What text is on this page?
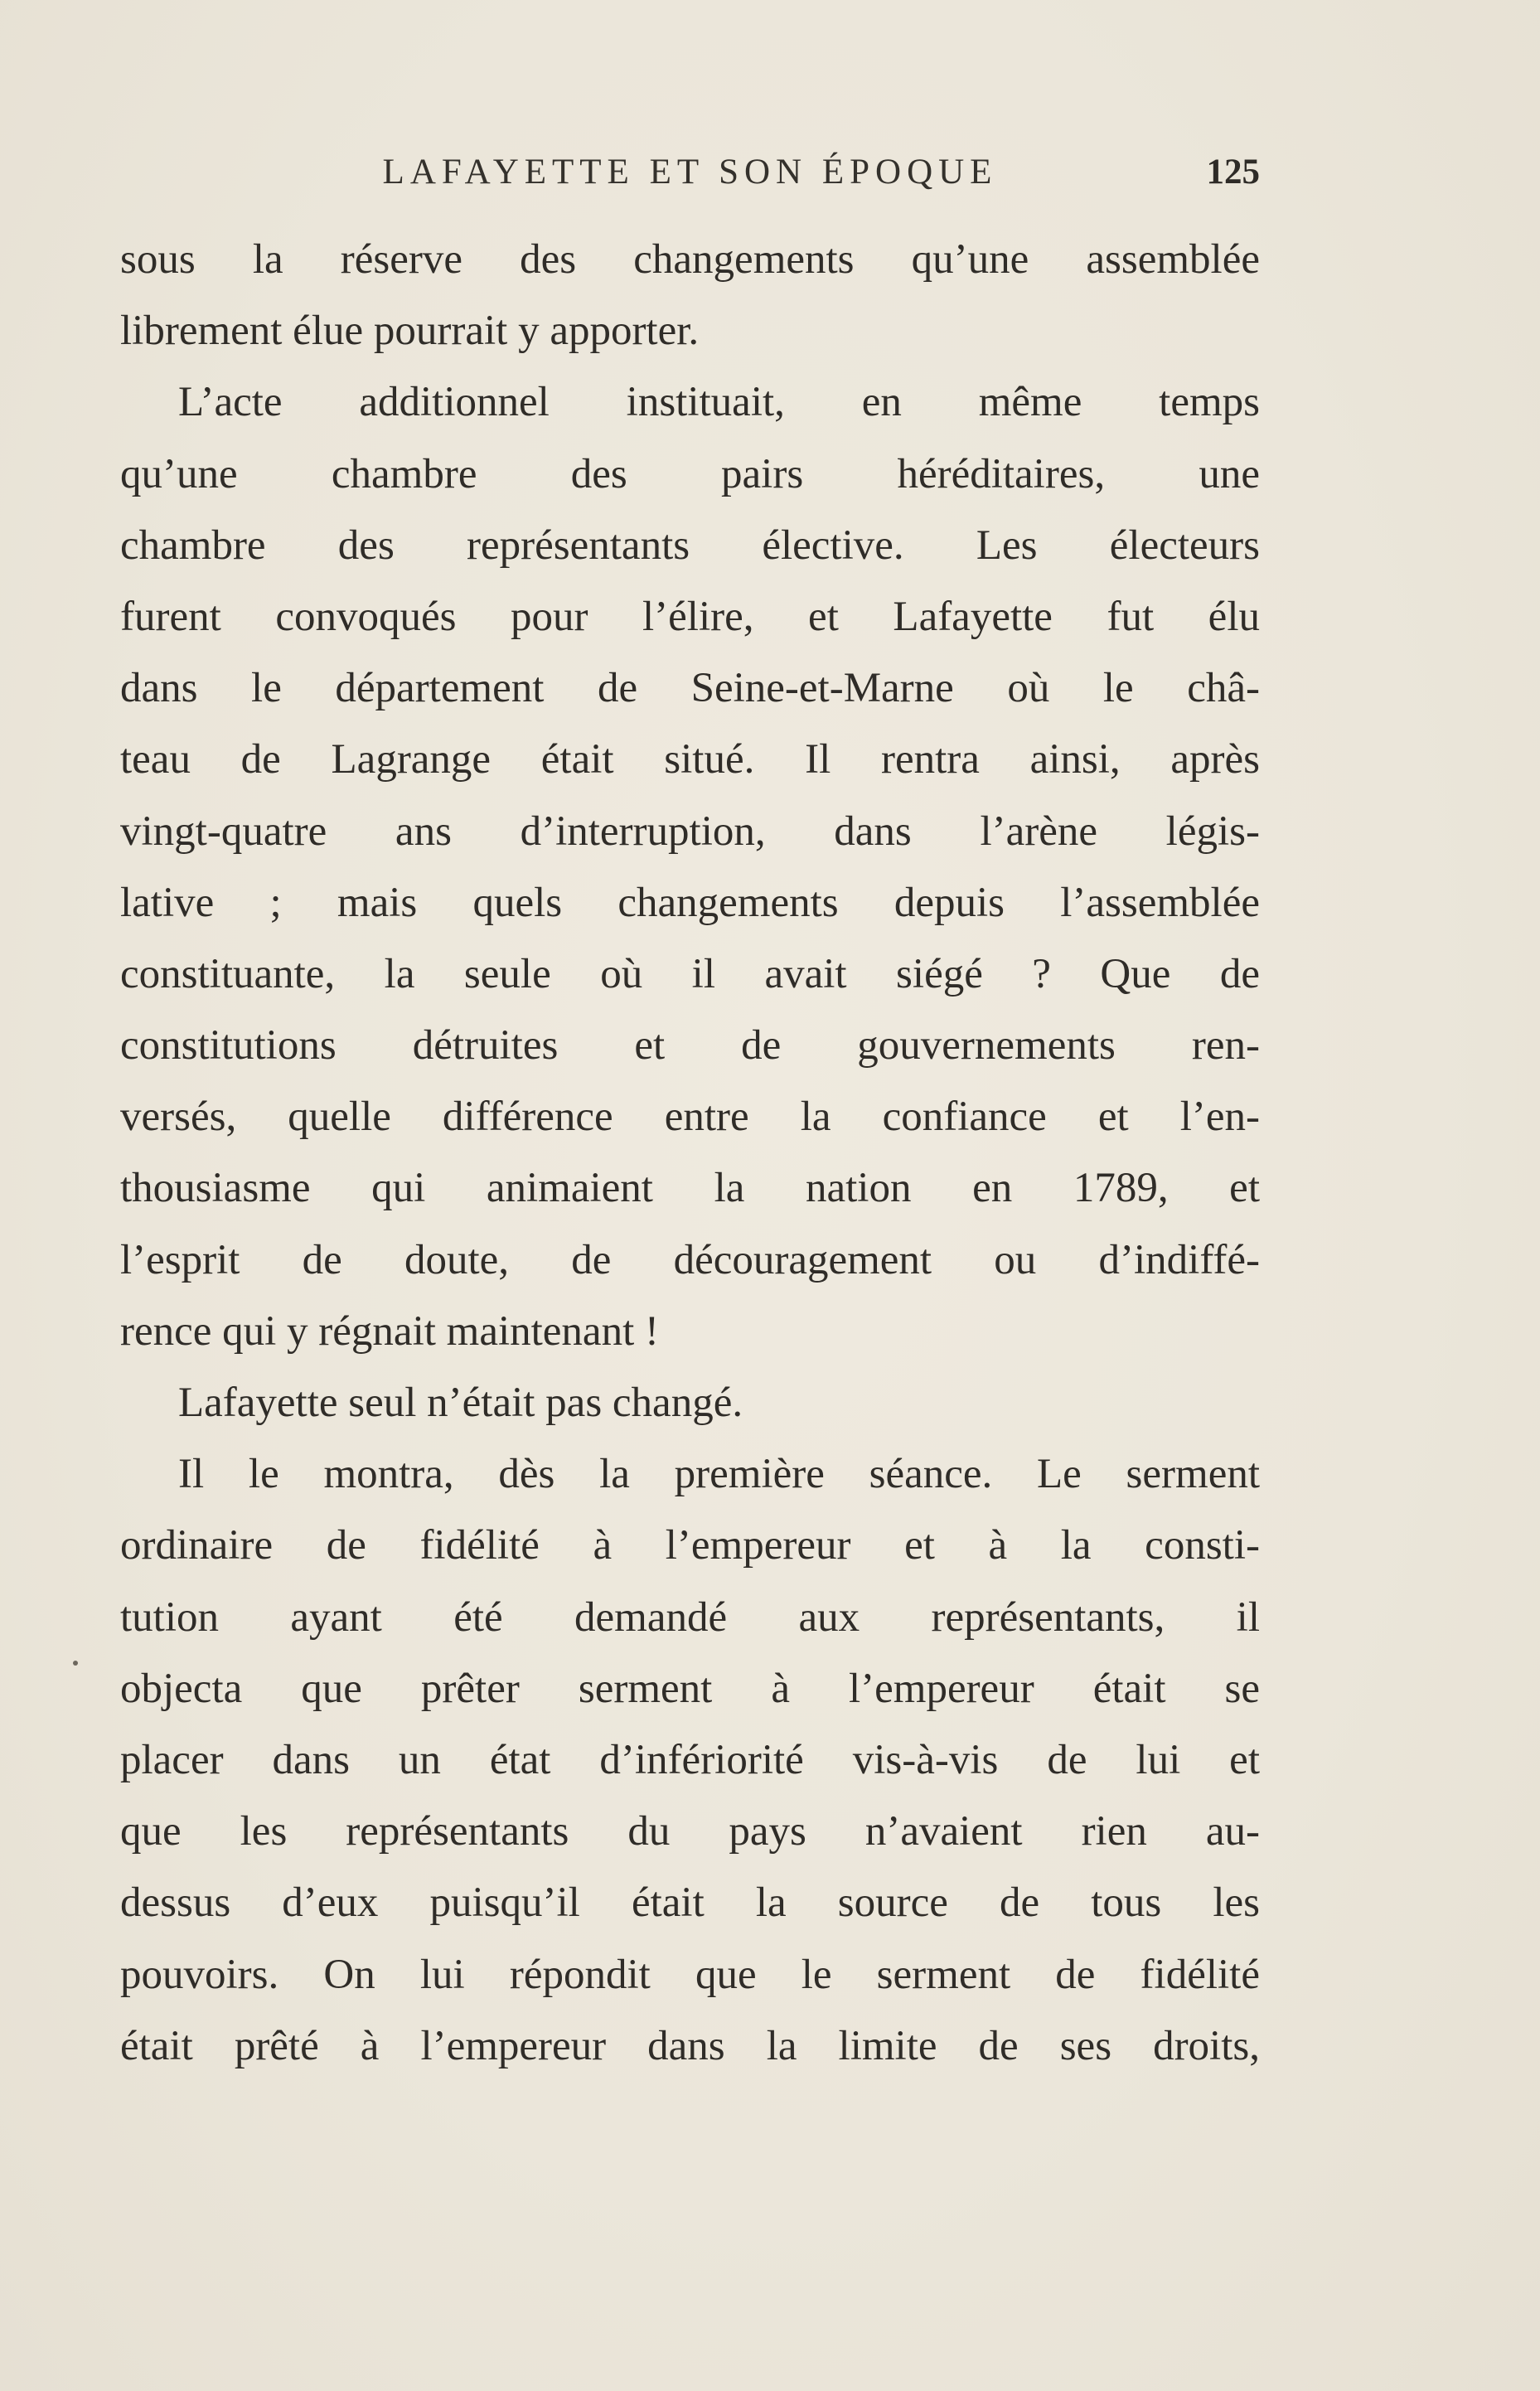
LAFAYETTE ET SON ÉPOQUE	125
sous la réserve des changements qu’une assemblée
librement élue pourrait y apporter.
L’acte additionnel instituait, en même temps
qu’une chambre des pairs héréditaires, une
chambre des représentants élective. Les électeurs
furent convoqués pour l’élire, et Lafayette fut élu
dans le département de Seine-et-Marne où le châ-
teau de Lagrange était situé. Il rentra ainsi, après
vingt-quatre ans d’interruption, dans l’arène légis-
lative ; mais quels changements depuis l’assemblée
constituante, la seule où il avait siégé ? Que de
constitutions détruites et de gouvernements ren-
versés, quelle différence entre la confiance et l’en-
thousiasme qui animaient la nation en 1789, et
l’esprit de doute, de découragement ou d’indiffé-
rence qui y régnait maintenant !
Lafayette seul n’était pas changé.
Il le montra, dès la première séance. Le serment
ordinaire de fidélité à l’empereur et à la consti-
tution ayant été demandé aux représentants, il
objecta que prêter serment à l’empereur était se
placer dans un état d’infériorité vis-à-vis de lui et
que les représentants du pays n’avaient rien au-
dessus d’eux puisqu’il était la source de tous les
pouvoirs. On lui répondit que le serment de fidélité
était prêté à l’empereur dans la limite de ses droits,
